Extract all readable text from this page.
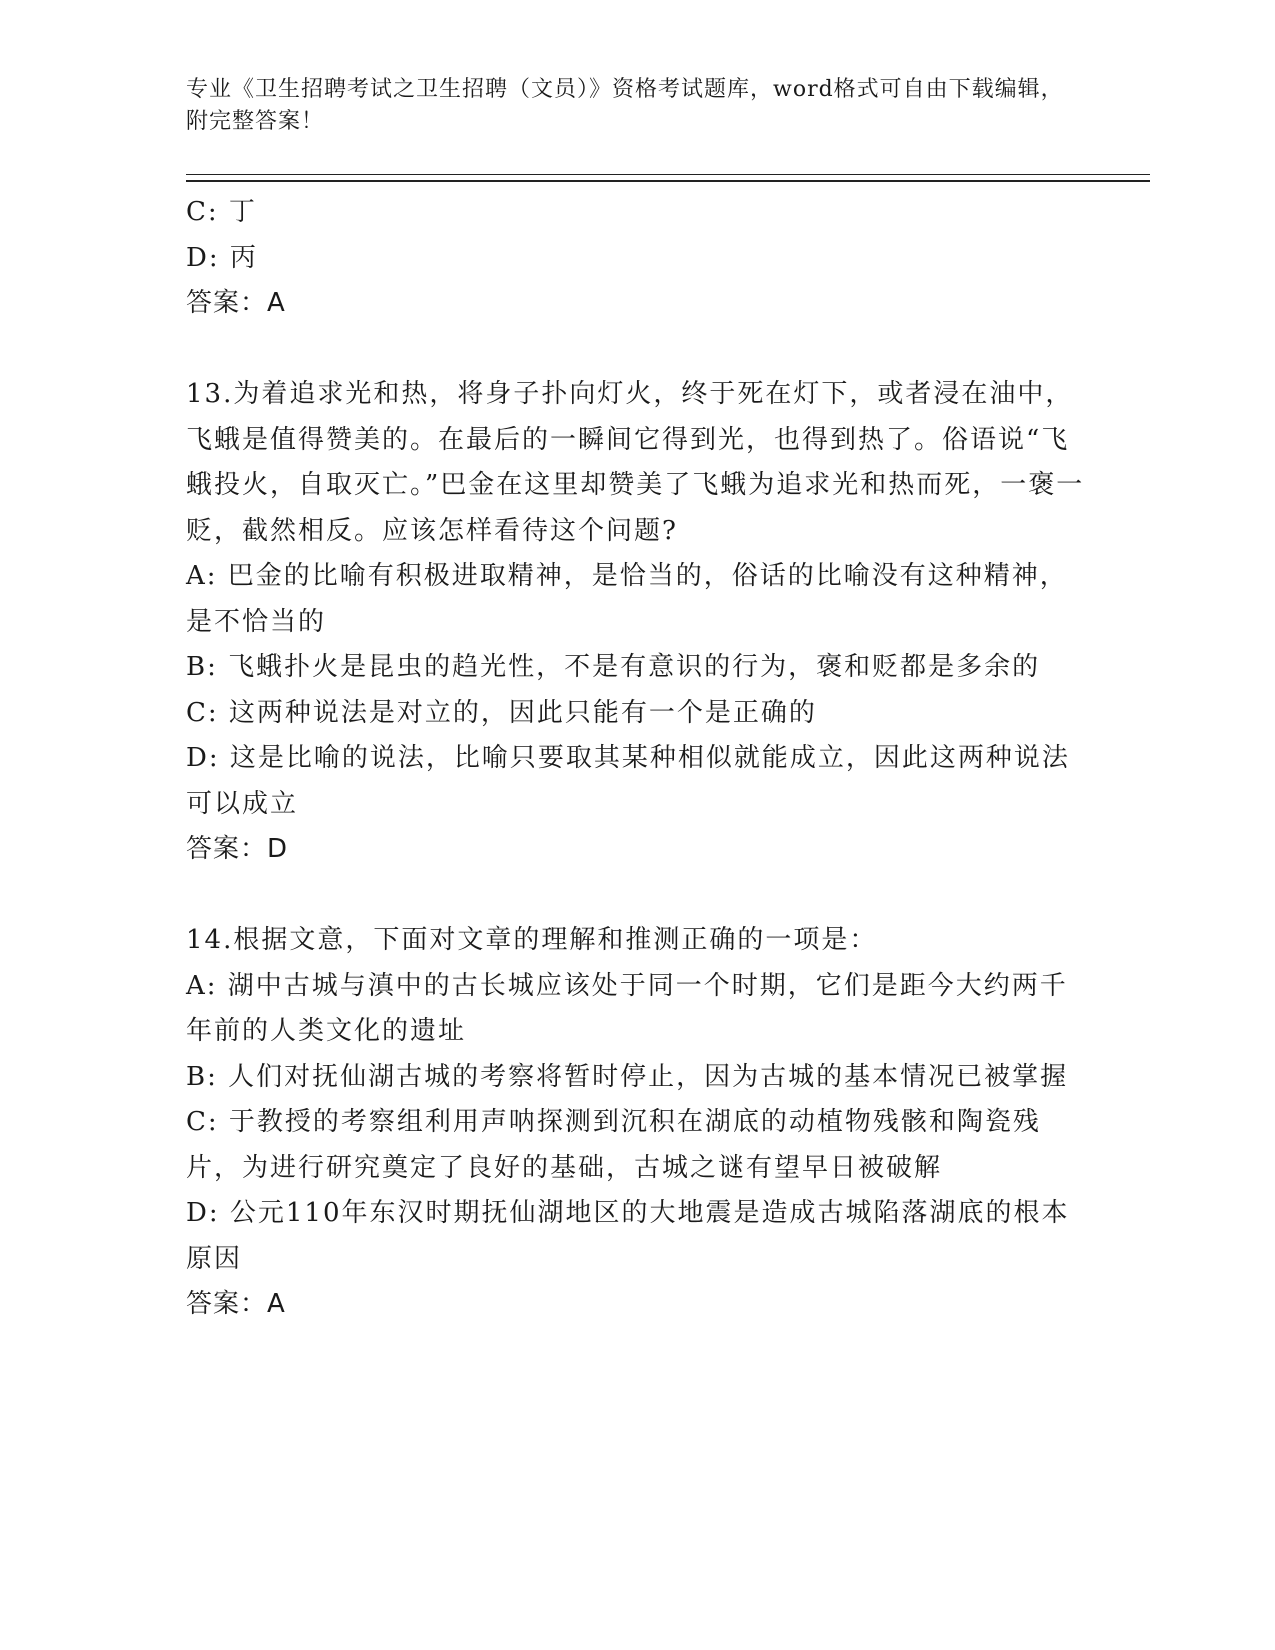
专业《卫生招聘考试之卫生招聘（文员）》资格考试题库，word格式可自由下载编辑，附完整答案！

C: 丁

D: 丙

答案：A

13.为着追求光和热，将身子扑向灯火，终于死在灯下，或者浸在油中，飞蛾是值得赞美的。在最后的一瞬间它得到光，也得到热了。俗语说“飞蛾投火，自取灭亡。”巴金在这里却赞美了飞蛾为追求光和热而死，一褒一贬，截然相反。应该怎样看待这个问题?

A: 巴金的比喻有积极进取精神，是恰当的，俗话的比喻没有这种精神，是不恰当的

B: 飞蛾扑火是昆虫的趋光性，不是有意识的行为，褒和贬都是多余的

C: 这两种说法是对立的，因此只能有一个是正确的

D: 这是比喻的说法，比喻只要取其某种相似就能成立，因此这两种说法可以成立

答案：D

14.根据文意，下面对文章的理解和推测正确的一项是：

A: 湖中古城与滇中的古长城应该处于同一个时期，它们是距今大约两千年前的人类文化的遗址

B: 人们对抚仙湖古城的考察将暂时停止，因为古城的基本情况已被掌握

C: 于教授的考察组利用声呐探测到沉积在湖底的动植物残骸和陶瓷残片，为进行研究奠定了良好的基础，古城之谜有望早日被破解

D: 公元110年东汉时期抚仙湖地区的大地震是造成古城陷落湖底的根本原因

答案：A
